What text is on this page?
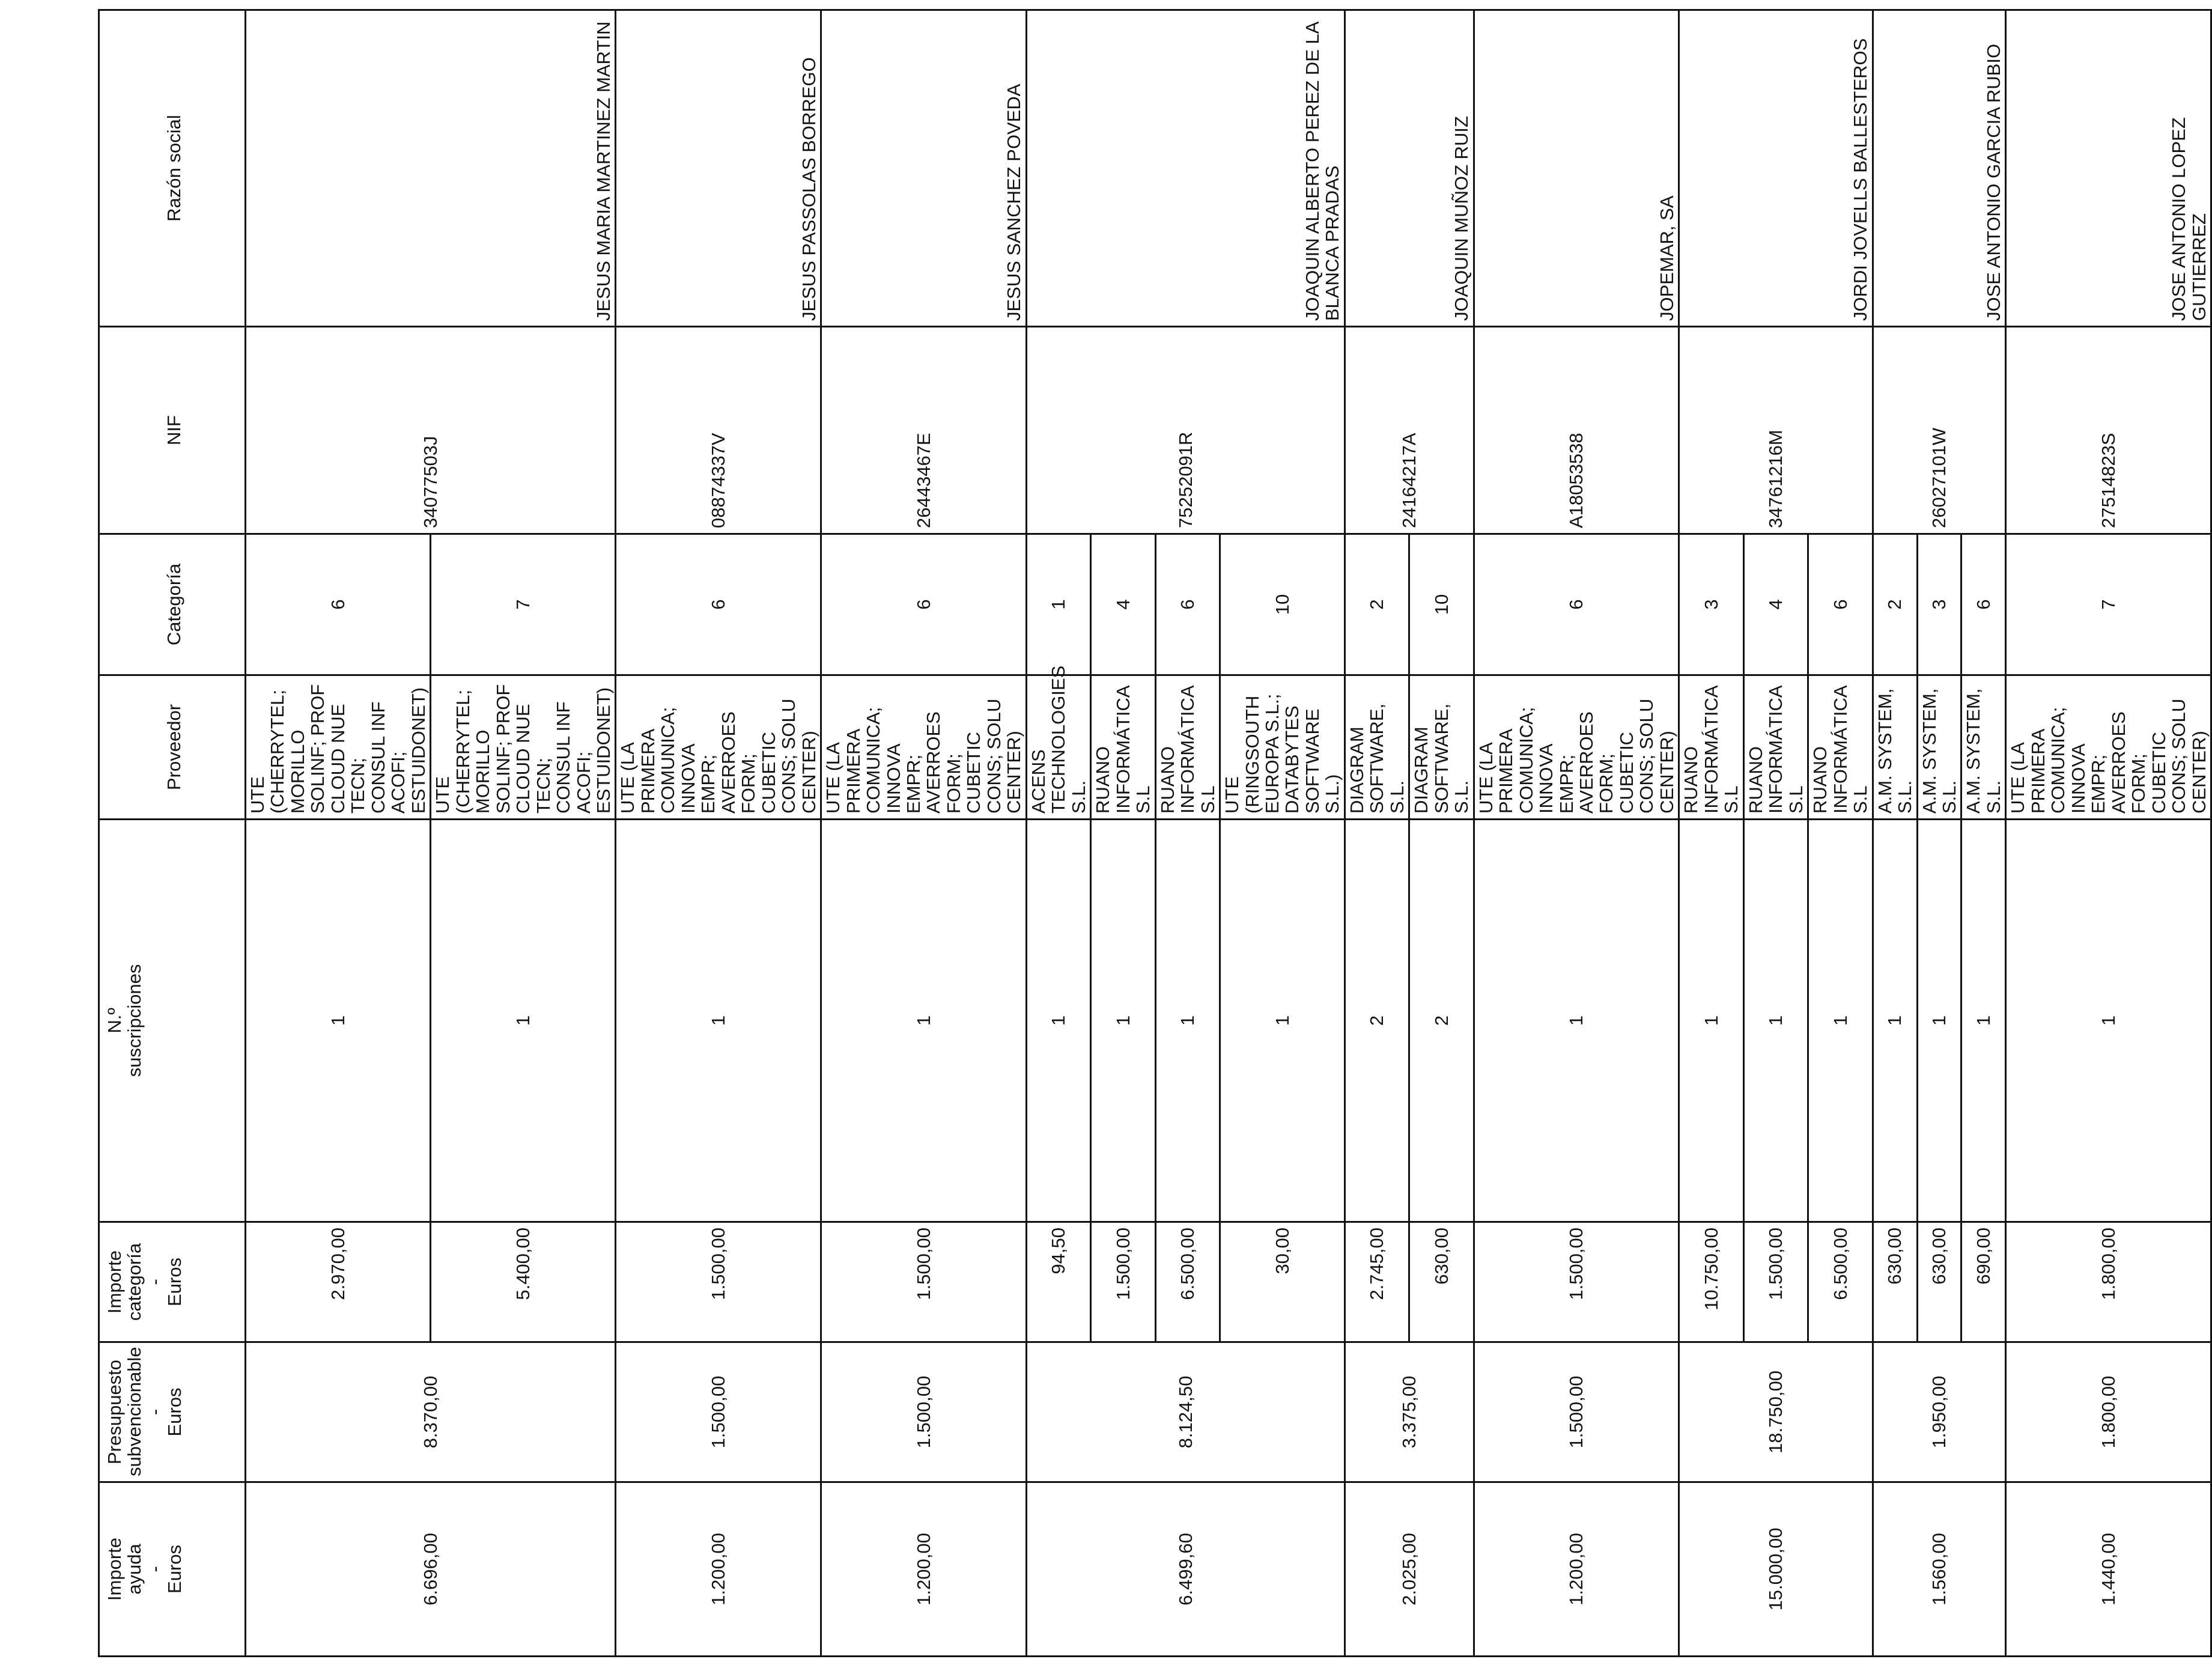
Importe
ayuda
-
Euros	Presupuesto
subvencionable
-
Euros	Importe
categoría
-
Euros	N.º
suscripciones	Proveedor	Categoría	NIF	Razón social
6.696,00	8.370,00	2.970,00	1	UTE (CHERRYTEL; MORILLO SOLINF; PROF CLOUD NUE TECN; CONSUL INF ACOFI; ESTUIDONET)	6	34077503J	JESUS MARIA MARTINEZ MARTIN
		5.400,00	1	UTE (CHERRYTEL; MORILLO SOLINF; PROF CLOUD NUE TECN; CONSUL INF ACOFI; ESTUIDONET)	7		
1.200,00	1.500,00	1.500,00	1	UTE (LA PRIMERA COMUNICA; INNOVA EMPR; AVERROES FORM; CUBETIC CONS; SOLU CENTER)	6	08874337V	JESUS PASSOLAS BORREGO
1.200,00	1.500,00	1.500,00	1	UTE (LA PRIMERA COMUNICA; INNOVA EMPR; AVERROES FORM; CUBETIC CONS; SOLU CENTER)	6	26443467E	JESUS SANCHEZ POVEDA
6.499,60	8.124,50	94,50	1	ACENS TECHNOLOGIES S.L.	1	75252091R	JOAQUIN ALBERTO PEREZ DE LA BLANCA PRADAS
		1.500,00	1	RUANO INFORMÁTICA S.L	4		
		6.500,00	1	RUANO INFORMÁTICA S.L	6		
		30,00	1	UTE (RINGSOUTH EUROPA S.L.; DATABYTES SOFTWARE S.L.)	10		
2.025,00	3.375,00	2.745,00	2	DIAGRAM SOFTWARE, S.L.	2	24164217A	JOAQUIN MUÑOZ RUIZ
		630,00	2	DIAGRAM SOFTWARE, S.L.	10		
1.200,00	1.500,00	1.500,00	1	UTE (LA PRIMERA COMUNICA; INNOVA EMPR; AVERROES FORM; CUBETIC CONS; SOLU CENTER)	6	A18053538	JOPEMAR, SA
15.000,00	18.750,00	10.750,00	1	RUANO INFORMÁTICA S.L	3	34761216M	JORDI JOVELLS BALLESTEROS
		1.500,00	1	RUANO INFORMÁTICA S.L	4		
		6.500,00	1	RUANO INFORMÁTICA S.L	6		
1.560,00	1.950,00	630,00	1	A.M. SYSTEM, S.L.	2	26027101W	JOSE ANTONIO GARCIA RUBIO
		630,00	1	A.M. SYSTEM, S.L.	3		
		690,00	1	A.M. SYSTEM, S.L.	6		
1.440,00	1.800,00	1.800,00	1	UTE (LA PRIMERA COMUNICA; INNOVA EMPR; AVERROES FORM; CUBETIC CONS; SOLU CENTER)	7	27514823S	JOSE ANTONIO LOPEZ GUTIERREZ
